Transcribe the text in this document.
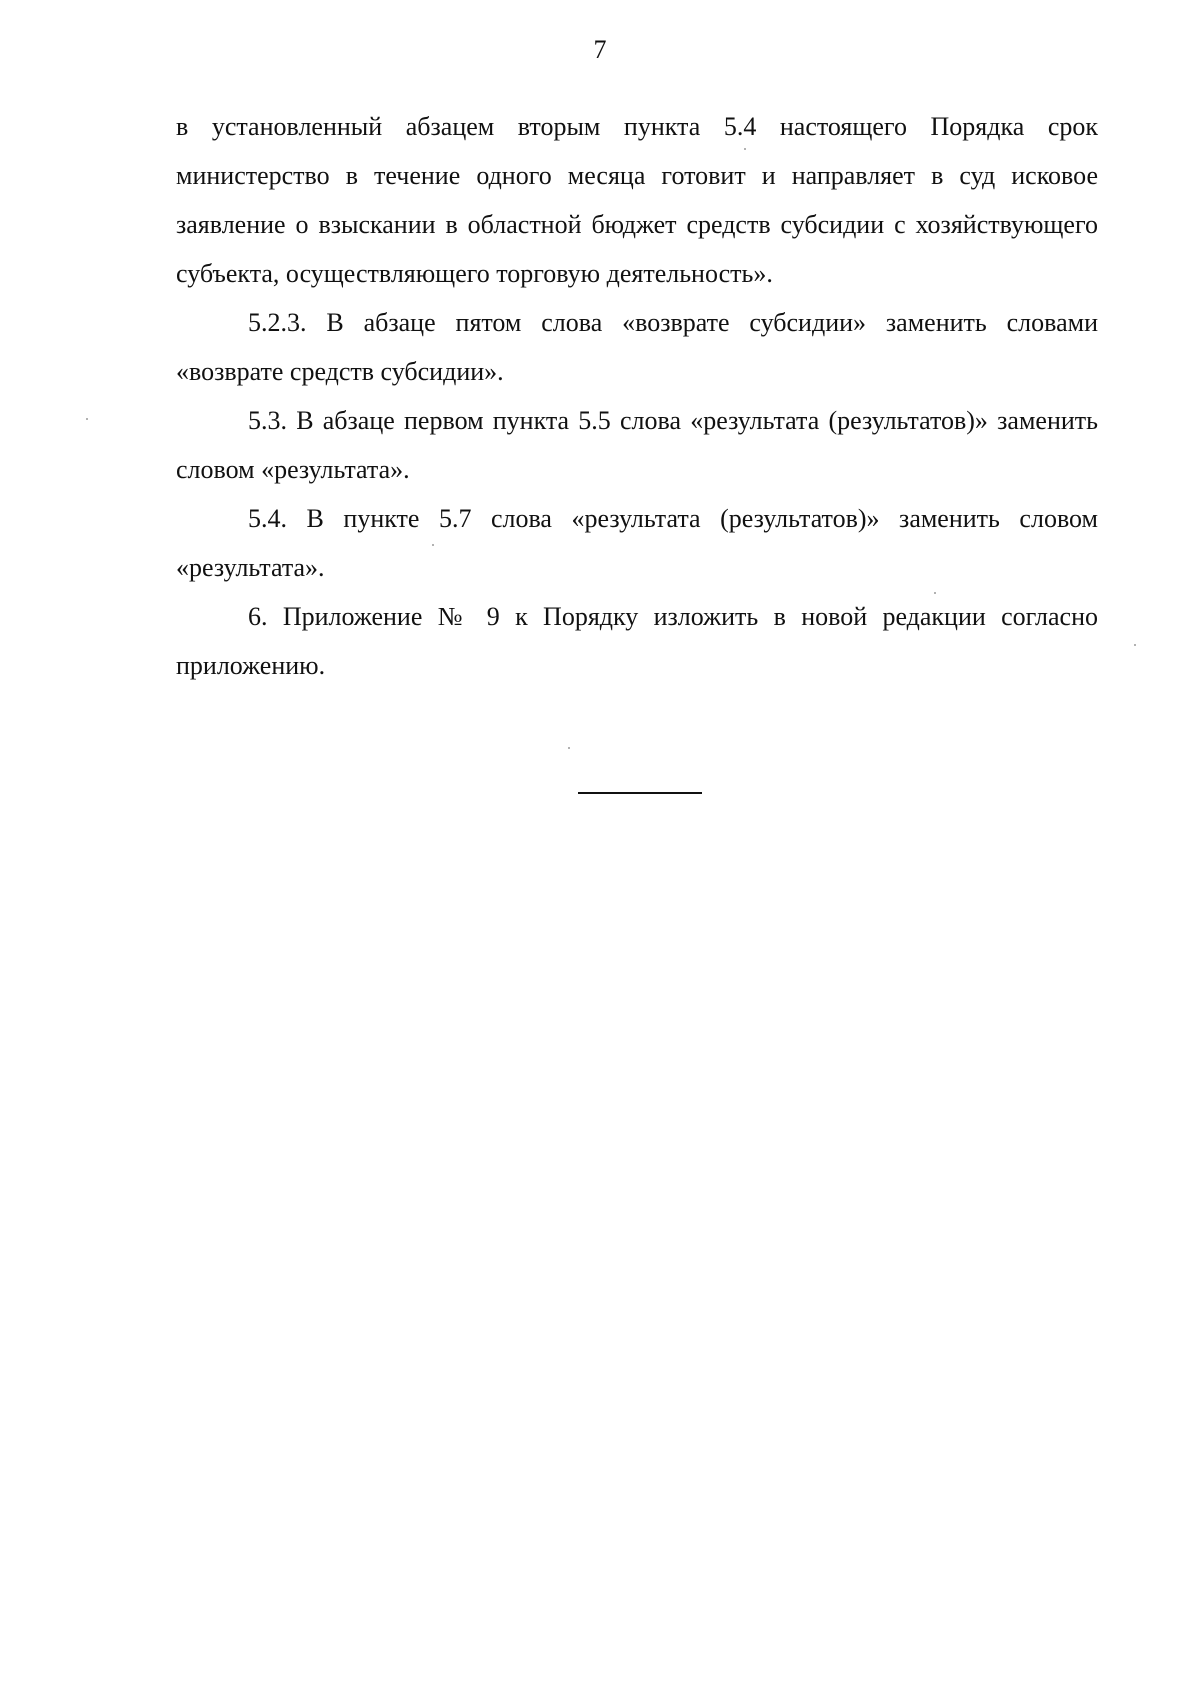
7

в установленный абзацем вторым пункта 5.4 настоящего Порядка срок министерство в течение одного месяца готовит и направляет в суд исковое заявление о взыскании в областной бюджет средств субсидии с хозяйствующего субъекта, осуществляющего торговую деятельность».

5.2.3. В абзаце пятом слова «возврате субсидии» заменить словами «возврате средств субсидии».

5.3. В абзаце первом пункта 5.5 слова «результата (результатов)» заменить словом «результата».

5.4. В пункте 5.7 слова «результата (результатов)» заменить словом «результата».

6. Приложение № 9 к Порядку изложить в новой редакции согласно приложению.
